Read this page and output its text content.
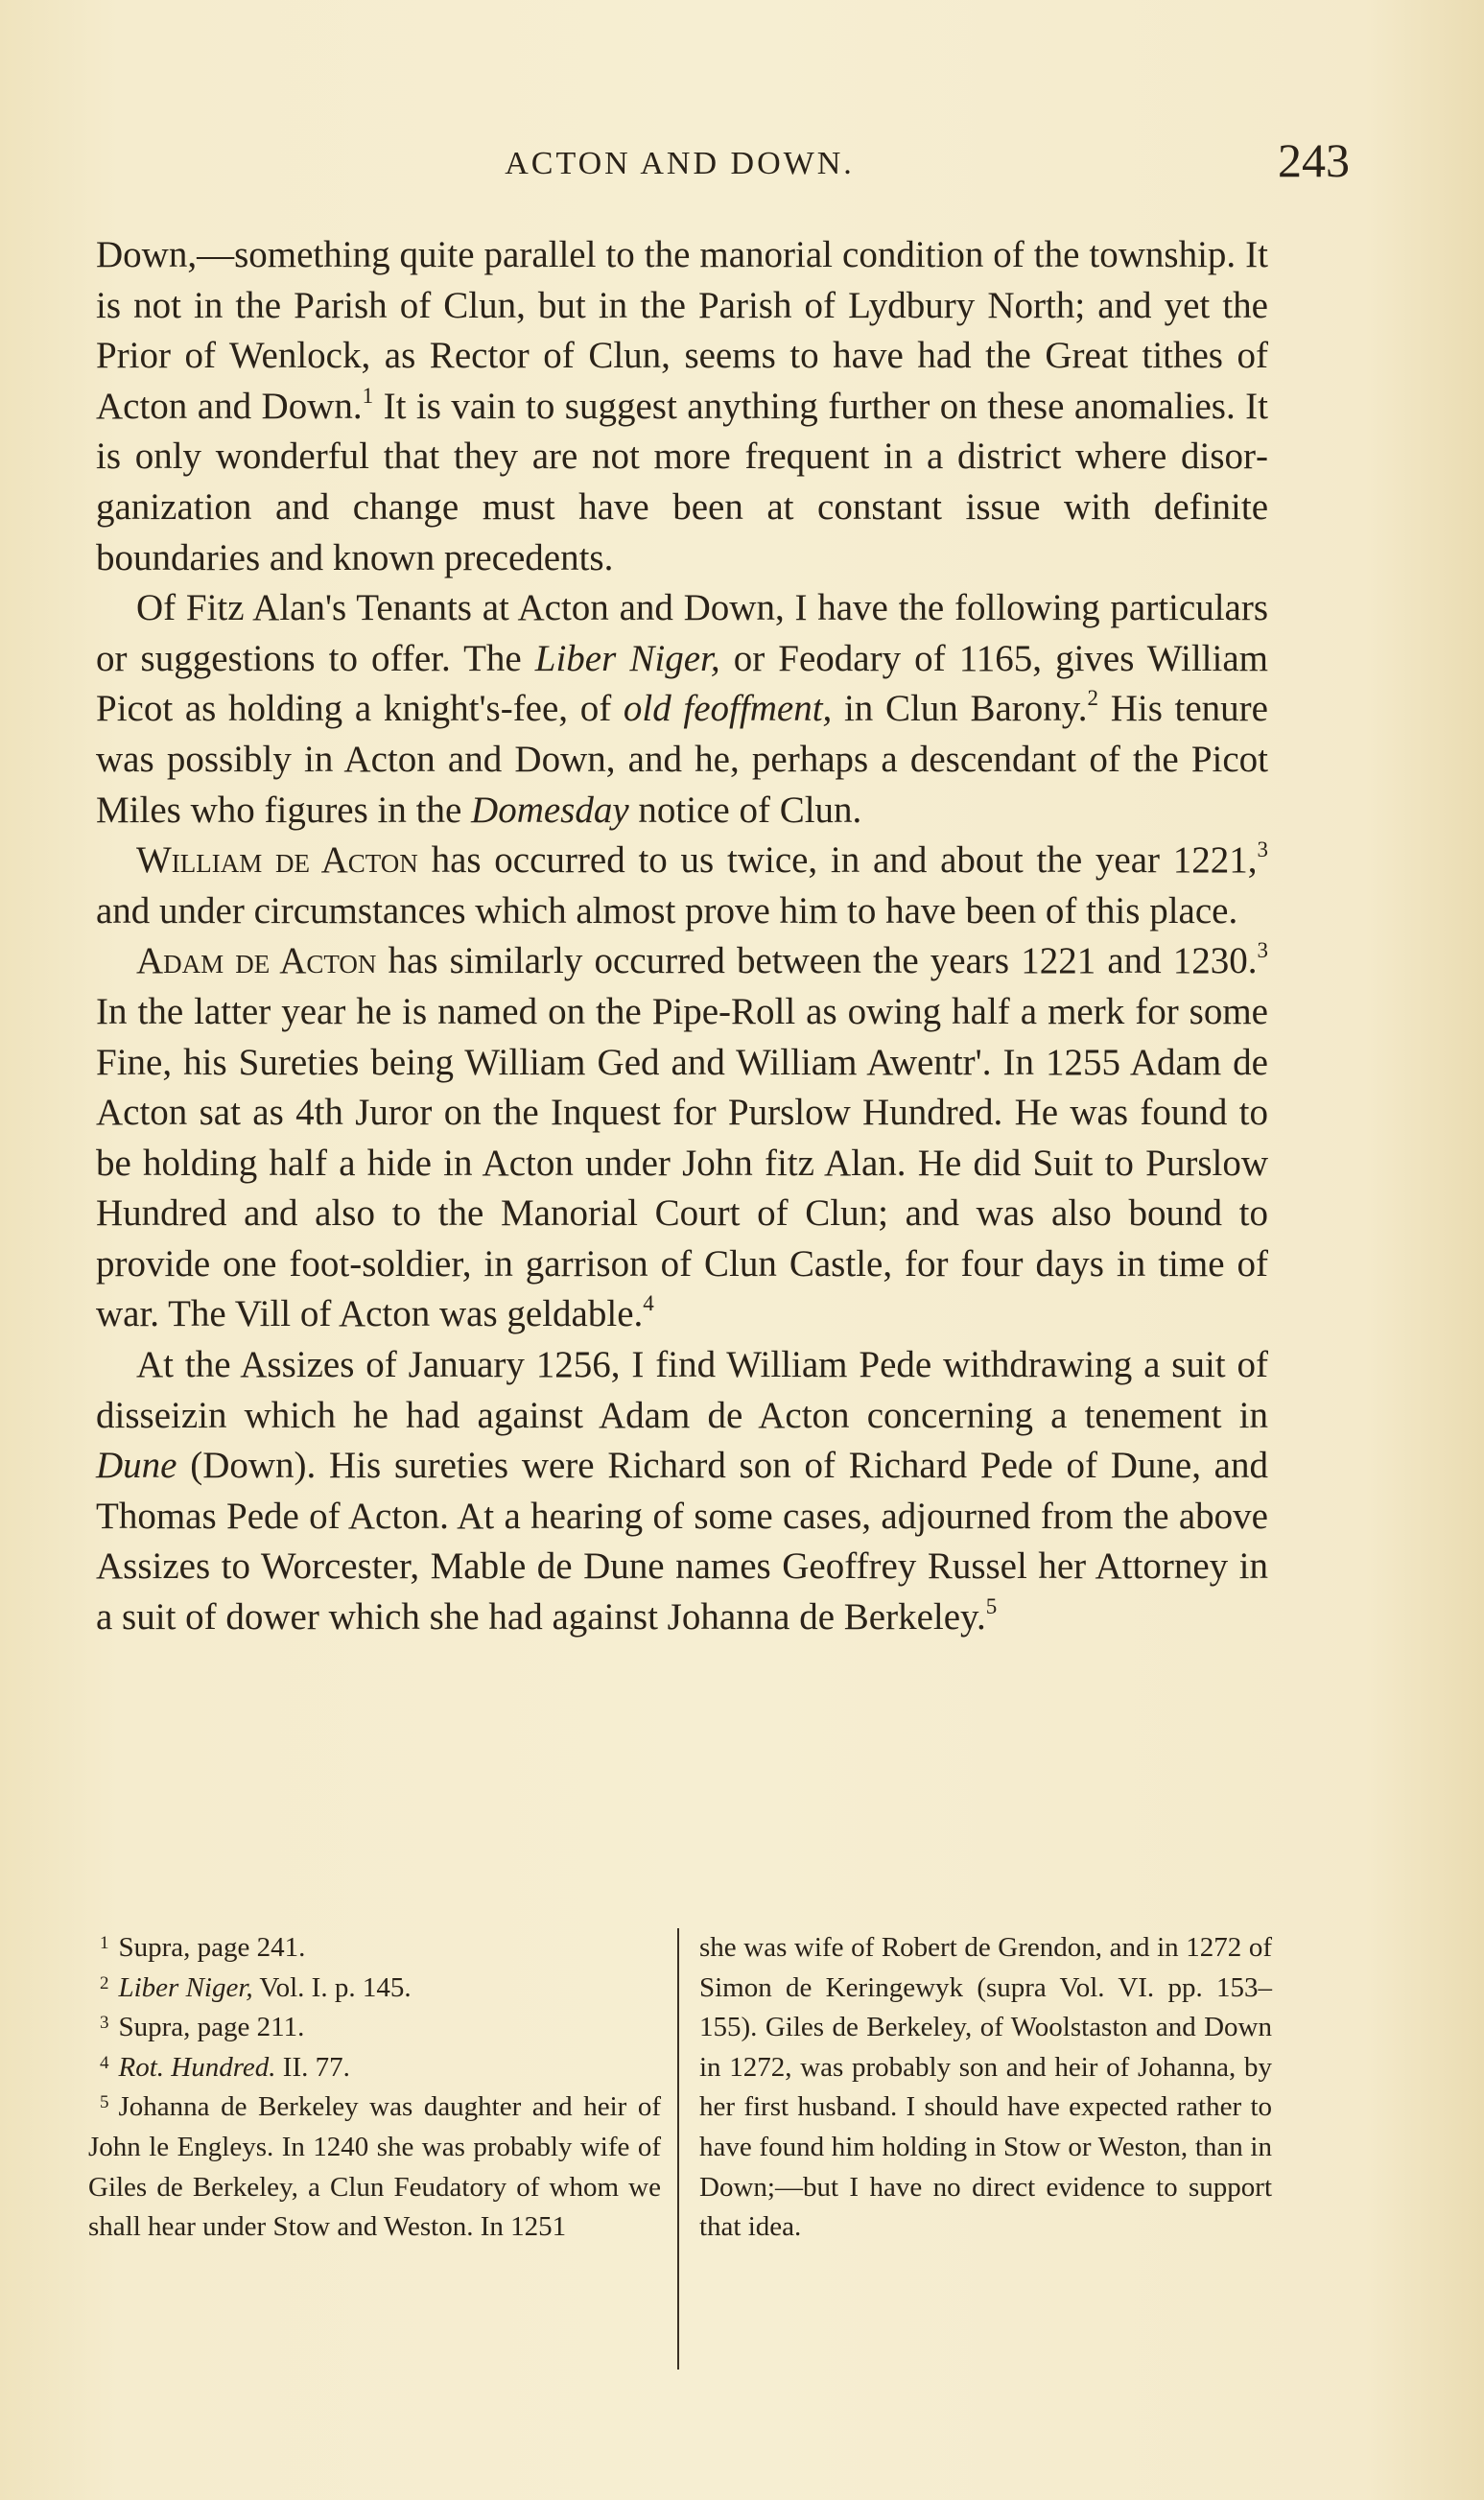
ACTON AND DOWN.	243

Down,—something quite parallel to the manorial condition of the township. It is not in the Parish of Clun, but in the Parish of Lydbury North; and yet the Prior of Wenlock, as Rector of Clun, seems to have had the Great tithes of Acton and Down.$^1$ It is vain to suggest anything further on these anomalies. It is only wonderful that they are not more frequent in a district where disorganization and change must have been at constant issue with definite boundaries and known precedents.

Of Fitz Alan's Tenants at Acton and Down, I have the following particulars or suggestions to offer. The Liber Niger, or Feodary of 1165, gives William Picot as holding a knight's-fee, of old feoffment, in Clun Barony.$^2$ His tenure was possibly in Acton and Down, and he, perhaps a descendant of the Picot Miles who figures in the Domesday notice of Clun.

William de Acton has occurred to us twice, in and about the year 1221,$^3$ and under circumstances which almost prove him to have been of this place.

Adam de Acton has similarly occurred between the years 1221 and 1230.$^3$ In the latter year he is named on the Pipe-Roll as owing half a merk for some Fine, his Sureties being William Ged and William Awentr'. In 1255 Adam de Acton sat as 4th Juror on the Inquest for Purslow Hundred. He was found to be holding half a hide in Acton under John fitz Alan. He did Suit to Purslow Hundred and also to the Manorial Court of Clun; and was also bound to provide one foot-soldier, in garrison of Clun Castle, for four days in time of war. The Vill of Acton was geldable.$^4$

At the Assizes of January 1256, I find William Pede withdrawing a suit of disseizin which he had against Adam de Acton concerning a tenement in Dune (Down). His sureties were Richard son of Richard Pede of Dune, and Thomas Pede of Acton. At a hearing of some cases, adjourned from the above Assizes to Worcester, Mable de Dune names Geoffrey Russel her Attorney in a suit of dower which she had against Johanna de Berkeley.$^5$

$^1$ Supra, page 241.

$^2$ Liber Niger, Vol. I. p. 145.

$^3$ Supra, page 211.

$^4$ Rot. Hundred. II. 77.

$^5$ Johanna de Berkeley was daughter and heir of John le Engleys. In 1240 she was probably wife of Giles de Berkeley, a Clun Feudatory of whom we shall hear under Stow and Weston. In 1251

she was wife of Robert de Grendon, and in 1272 of Simon de Keringewyk (supra Vol. VI. pp. 153–155). Giles de Berkeley, of Woolstaston and Down in 1272, was probably son and heir of Johanna, by her first husband. I should have expected rather to have found him holding in Stow or Weston, than in Down;—but I have no direct evidence to support that idea.
